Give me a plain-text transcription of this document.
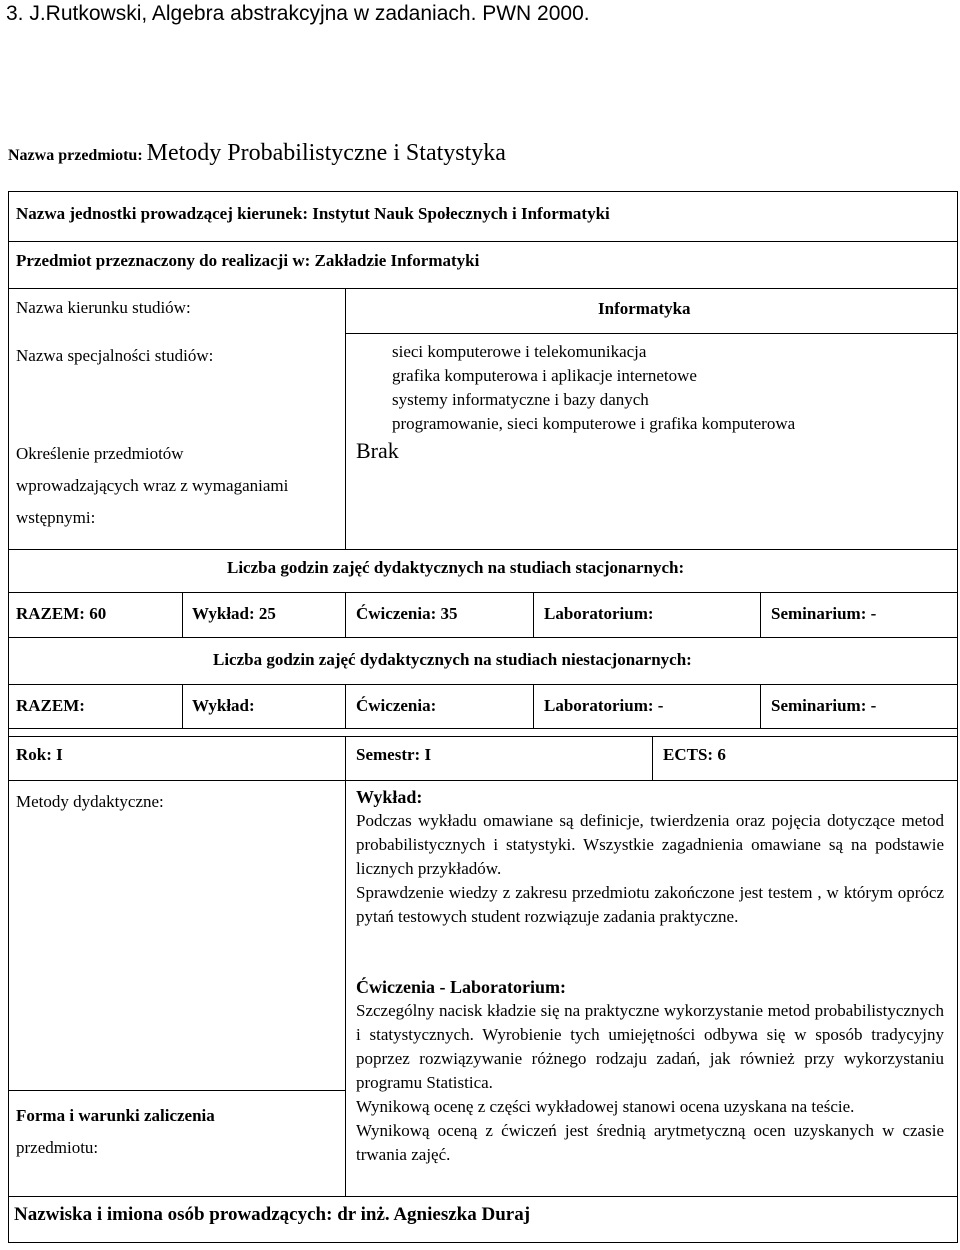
3. J.Rutkowski, Algebra abstrakcyjna w zadaniach. PWN 2000.
Nazwa przedmiotu: Metody Probabilistyczne i Statystyka
Nazwa jednostki prowadzącej kierunek: Instytut Nauk Społecznych i Informatyki
Przedmiot przeznaczony do realizacji w: Zakładzie Informatyki
Nazwa kierunku studiów:	Informatyka
Nazwa specjalności studiów:	sieci komputerowe i telekomunikacja
grafika komputerowa i aplikacje internetowe
systemy informatyczne i bazy danych
programowanie, sieci komputerowe i grafika komputerowa
Określenie przedmiotów
wprowadzających wraz z wymaganiami
wstępnymi:
Brak
Liczba godzin zajęć dydaktycznych na studiach stacjonarnych:
RAZEM: 60	Wykład: 25	Ćwiczenia: 35	Laboratorium:	Seminarium: -
Liczba godzin zajęć dydaktycznych na studiach niestacjonarnych:
RAZEM:	Wykład:	Ćwiczenia:	Laboratorium: -	Seminarium: -
Rok: I	Semestr: I	ECTS: 6
Metody dydaktyczne:	Wykład:

Podczas wykładu omawiane są definicje, twierdzenia oraz pojęcia dotyczące metod probabilistycznych i statystyki. Wszystkie zagadnienia omawiane są na podstawie licznych przykładów.

Sprawdzenie wiedzy z zakresu przedmiotu zakończone jest testem , w którym oprócz pytań testowych student rozwiązuje zadania praktyczne.

Ćwiczenia - Laboratorium:

Szczególny nacisk kładzie się na praktyczne wykorzystanie metod probabilistycznych i statystycznych. Wyrobienie tych umiejętności odbywa się w sposób tradycyjny poprzez rozwiązywanie różnego rodzaju zadań, jak również przy wykorzystaniu programu Statistica.

Wynikową ocenę z części wykładowej stanowi ocena uzyskana na teście.

Wynikową oceną z ćwiczeń jest średnią arytmetyczną ocen uzyskanych w czasie trwania zajęć.

Forma i warunki zaliczenia
przedmiotu:
Nazwiska i imiona osób prowadzących: dr inż. Agnieszka Duraj
